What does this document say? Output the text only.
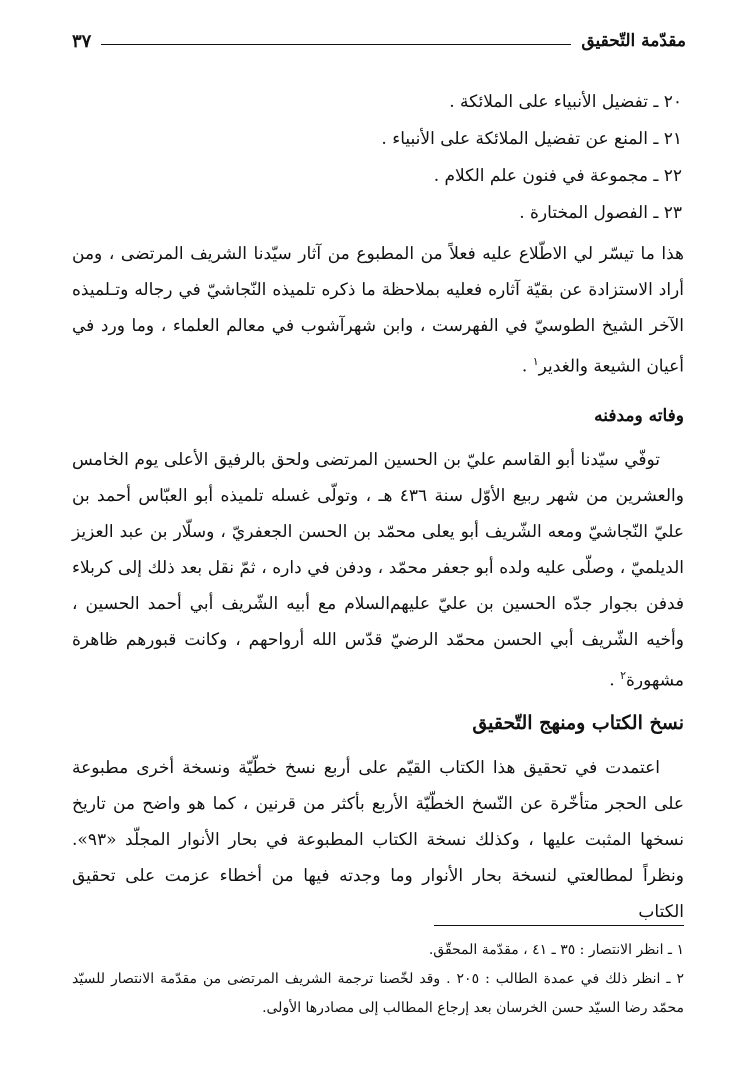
مقدّمة التّحقيق
٣٧
٢٠ ـ تفضيل الأنبياء على الملائكة .
٢١ ـ المنع عن تفضيل الملائكة على الأنبياء .
٢٢ ـ مجموعة في فنون علم الكلام .
٢٣ ـ الفصول المختارة .

هذا ما تيسّر لي الاطّلاع عليه فعلاً من المطبوع من آثار سيّدنا الشريف المرتضى ، ومن أراد الاستزادة عن بقيّة آثاره فعليه بملاحظة ما ذكره تلميذه النّجاشيّ في رجاله وتـلميذه الآخر الشيخ الطوسيّ في الفهرست ، وابن شهرآشوب في معالم العلماء ، وما ورد في أعيان الشيعة والغدير$^١$ .

وفاته ومدفنه

توفّي سيّدنا أبو القاسم عليّ بن الحسين المرتضى ولحق بالرفيق الأعلى يوم الخامس والعشرين من شهر ربيع الأوّل سنة ٤٣٦ هـ ، وتولّى غسله تلميذه أبو العبّاس أحمد بن عليّ النّجاشيّ ومعه الشّريف أبو يعلى محمّد بن الحسن الجعفريّ ، وسلّار بن عبد العزيز الديلميّ ، وصلّى عليه ولده أبو جعفر محمّد ، ودفن في داره ، ثمّ نقل بعد ذلك إلى كربلاء فدفن بجوار جدّه الحسين بن عليّ عليهم‌السلام مع أبيه الشّريف أبي أحمد الحسين ، وأخيه الشّريف أبي الحسن محمّد الرضيّ قدّس الله أرواحهم ، وكانت قبورهم ظاهرة مشهورة$^٢$ .

نسخ الكتاب ومنهج التّحقيق

اعتمدت في تحقيق هذا الكتاب القيّم على أربع نسخ خطّيّة ونسخة أخرى مطبوعة على الحجر متأخّرة عن النّسخ الخطّيّة الأربع بأكثر من قرنين ، كما هو واضح من تاريخ نسخها المثبت عليها ، وكذلك نسخة الكتاب المطبوعة في بحار الأنوار المجلّد «٩٣». ونظراً لمطالعتي لنسخة بحار الأنوار وما وجدته فيها من أخطاء عزمت على تحقيق الكتاب

١ ـ انظر الانتصار : ٣٥ ـ ٤١ ، مقدّمة المحقّق.
٢ ـ انظر ذلك في عمدة الطالب : ٢٠٥ . وقد لخّصنا ترجمة الشريف المرتضى من مقدّمة الانتصار للسيّد محمّد رضا السيّد حسن الخرسان بعد إرجاع المطالب إلى مصادرها الأولى.
